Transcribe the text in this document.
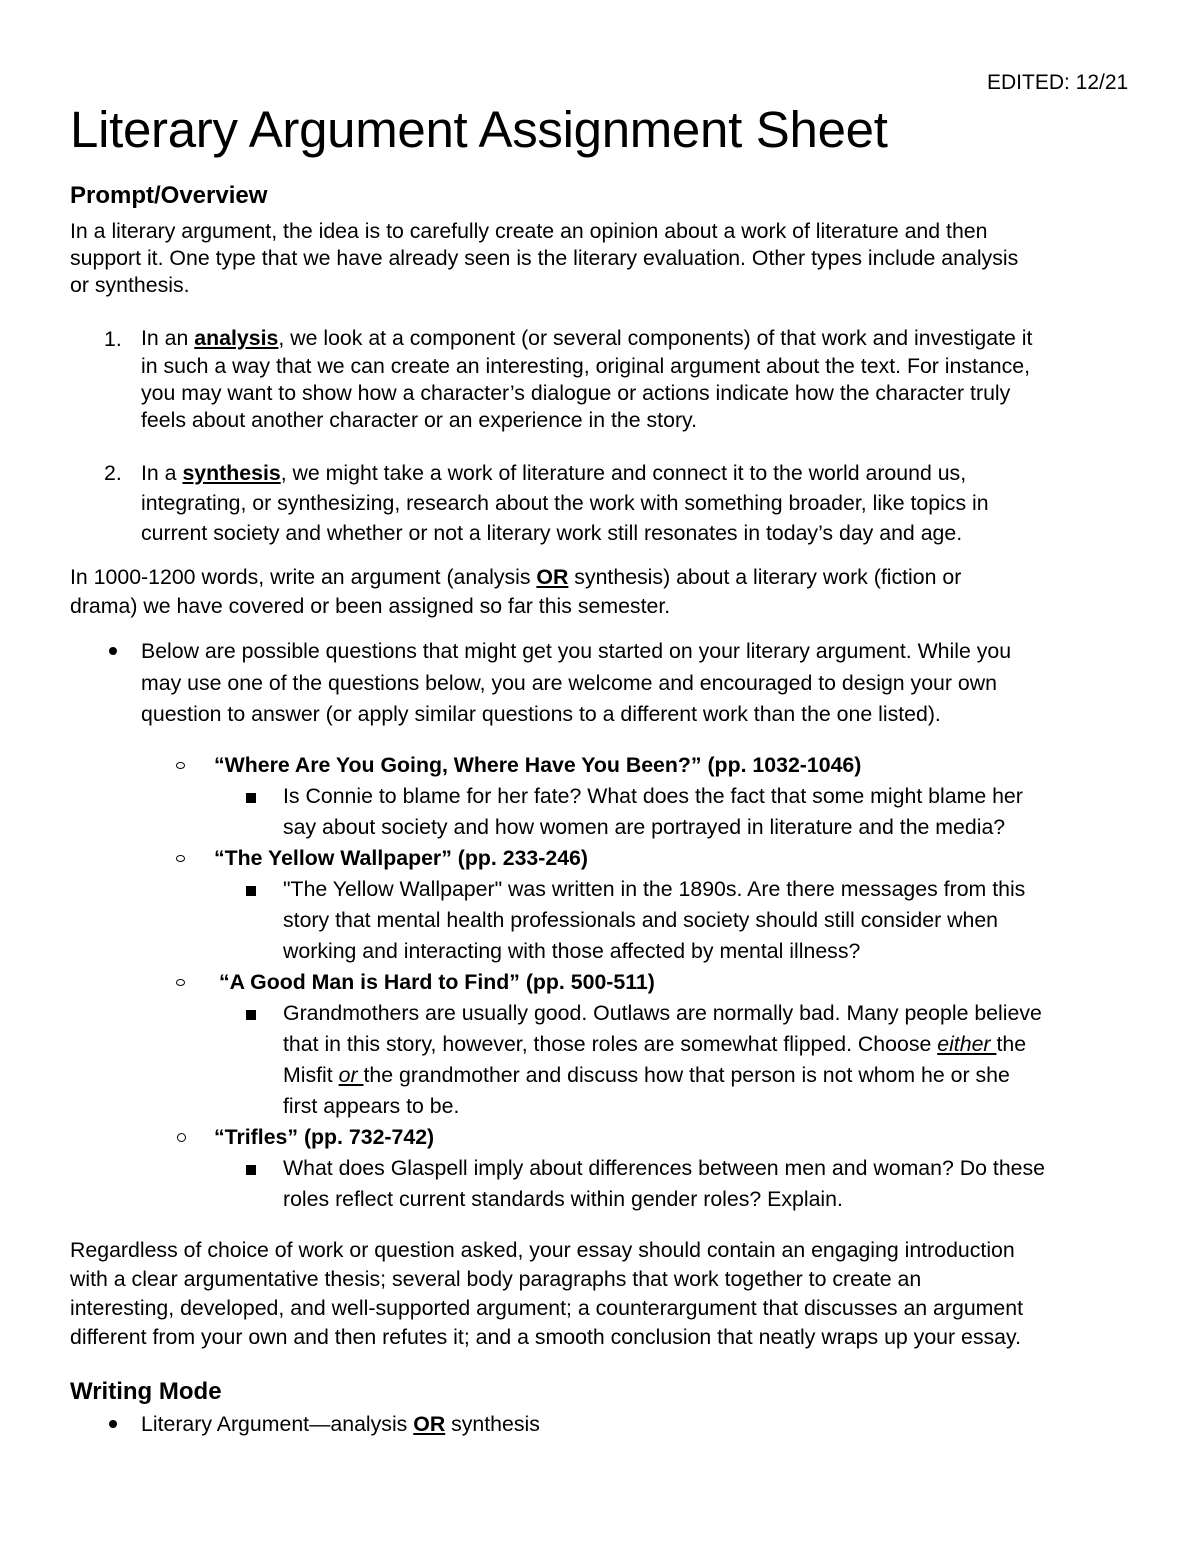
EDITED: 12/21
Literary Argument Assignment Sheet
Prompt/Overview
In a literary argument, the idea is to carefully create an opinion about a work of literature and then
support it. One type that we have already seen is the literary evaluation. Other types include analysis
or synthesis.
1. In an analysis, we look at a component (or several components) of that work and investigate it
in such a way that we can create an interesting, original argument about the text. For instance,
you may want to show how a character’s dialogue or actions indicate how the character truly
feels about another character or an experience in the story.
2. In a synthesis, we might take a work of literature and connect it to the world around us,
integrating, or synthesizing, research about the work with something broader, like topics in
current society and whether or not a literary work still resonates in today’s day and age.
In 1000-1200 words, write an argument (analysis OR synthesis) about a literary work (fiction or
drama) we have covered or been assigned so far this semester.
Below are possible questions that might get you started on your literary argument. While you
may use one of the questions below, you are welcome and encouraged to design your own
question to answer (or apply similar questions to a different work than the one listed).
“Where Are You Going, Where Have You Been?” (pp. 1032-1046)
Is Connie to blame for her fate? What does the fact that some might blame her
say about society and how women are portrayed in literature and the media?
“The Yellow Wallpaper” (pp. 233-246)
"The Yellow Wallpaper" was written in the 1890s. Are there messages from this
story that mental health professionals and society should still consider when
working and interacting with those affected by mental illness?
“A Good Man is Hard to Find” (pp. 500-511)
Grandmothers are usually good. Outlaws are normally bad. Many people believe
that in this story, however, those roles are somewhat flipped. Choose either the
Misfit or the grandmother and discuss how that person is not whom he or she
first appears to be.
“Trifles” (pp. 732-742)
What does Glaspell imply about differences between men and woman? Do these
roles reflect current standards within gender roles? Explain.
Regardless of choice of work or question asked, your essay should contain an engaging introduction
with a clear argumentative thesis; several body paragraphs that work together to create an
interesting, developed, and well-supported argument; a counterargument that discusses an argument
different from your own and then refutes it; and a smooth conclusion that neatly wraps up your essay.
Writing Mode
Literary Argument—analysis OR synthesis
